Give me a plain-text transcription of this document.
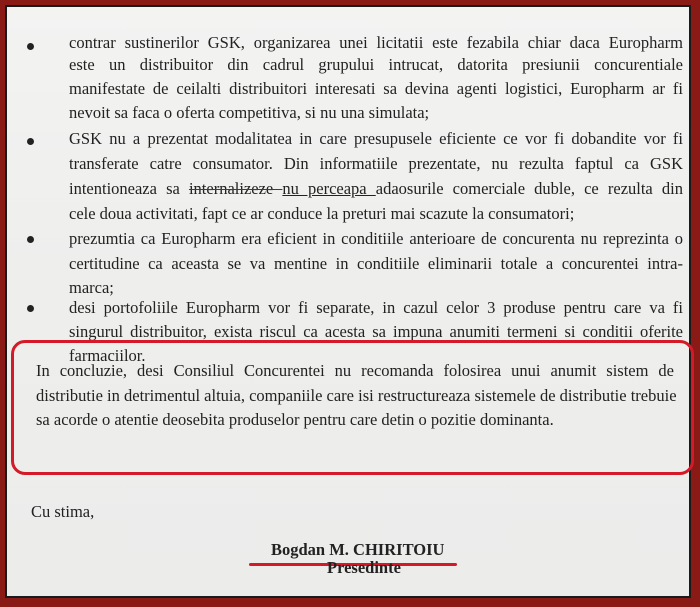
contrar sustinerilor GSK, organizarea unei licitatii este fezabila chiar daca Europharm
este un distribuitor din cadrul grupului intrucat, datorita presiunii concurentiale
manifestate de ceilalti distribuitori interesati sa devina agenti logistici, Europharm ar fi
nevoit sa faca o oferta competitiva, si nu una simulata;
GSK nu a prezentat modalitatea in care presupusele eficiente ce vor fi dobandite vor fi
transferate catre consumator. Din informatiile prezentate, nu rezulta faptul ca GSK
intentioneaza sa internalizeze nu perceapa adaosurile comerciale duble, ce rezulta din
cele doua activitati, fapt ce ar conduce la preturi mai scazute la consumatori;
prezumtia ca Europharm era eficient in conditiile anterioare de concurenta nu reprezinta o
certitudine ca aceasta se va mentine in conditiile eliminarii totale a concurentei intra-
marca;
desi portofoliile Europharm vor fi separate, in cazul celor 3 produse pentru care va fi
singurul distribuitor, exista riscul ca acesta sa impuna anumiti termeni si conditii oferite
farmaciilor.
In concluzie, desi Consiliul Concurentei nu recomanda folosirea unui anumit sistem de
distributie in detrimentul altuia, companiile care isi restructureaza sistemele de distributie trebuie
sa acorde o atentie deosebita produselor pentru care detin o pozitie dominanta.
Cu stima,
Bogdan M. CHIRITOIU
Presedinte
